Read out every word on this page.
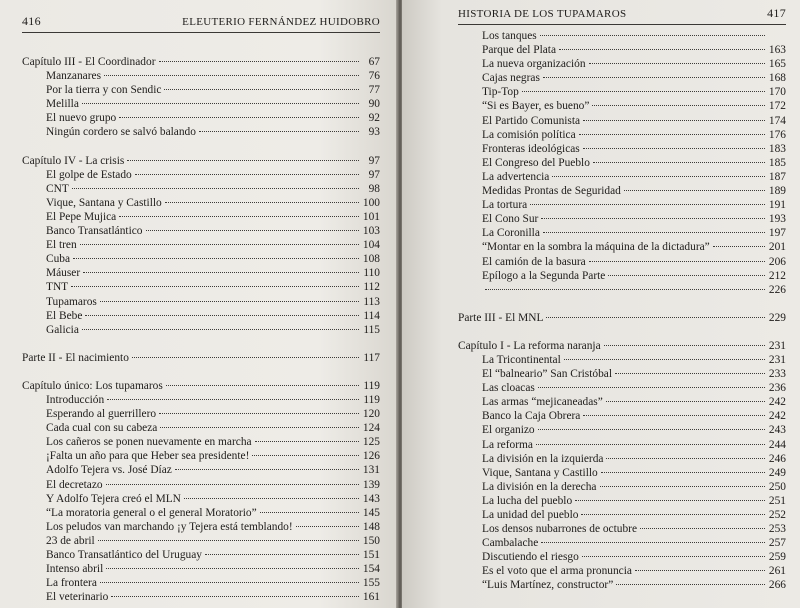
416	ELEUTERIO FERNÁNDEZ HUIDOBRO
Capítulo III - El Coordinador	67
Manzanares	76
Por la tierra y con Sendic	77
Melilla	90
El nuevo grupo	92
Ningún cordero se salvó balando	93
Capítulo IV - La crisis	97
El golpe de Estado	97
CNT	98
Vique, Santana y Castillo	100
El Pepe Mujica	101
Banco Transatlántico	103
El tren	104
Cuba	108
Máuser	110
TNT	112
Tupamaros	113
El Bebe	114
Galicia	115
Parte II - El nacimiento	117
Capítulo único: Los tupamaros	119
Introducción	119
Esperando al guerrillero	120
Cada cual con su cabeza	124
Los cañeros se ponen nuevamente en marcha	125
¡Falta un año para que Heber sea presidente!	126
Adolfo Tejera vs. José Díaz	131
El decretazo	139
Y Adolfo Tejera creó el MLN	143
“La moratoria general o el general Moratorio”	145
Los peludos van marchando ¡y Tejera está temblando!	148
23 de abril	150
Banco Transatlántico del Uruguay	151
Intenso abril	154
La frontera	155
El veterinario	161
HISTORIA DE LOS TUPAMAROS	417
Los tanques
Parque del Plata	163
La nueva organización	165
Cajas negras	168
Tip-Top	170
“Si es Bayer, es bueno”	172
El Partido Comunista	174
La comisión política	176
Fronteras ideológicas	183
El Congreso del Pueblo	185
La advertencia	187
Medidas Prontas de Seguridad	189
La tortura	191
El Cono Sur	193
La Coronilla	197
“Montar en la sombra la máquina de la dictadura”	201
El camión de la basura	206
Epílogo a la Segunda Parte	212
226
Parte III - El MNL	229
Capítulo I - La reforma naranja	231
La Tricontinental	231
El “balneario” San Cristóbal	233
Las cloacas	236
Las armas “mejicaneadas”	242
Banco la Caja Obrera	242
El organizo	243
La reforma	244
La división en la izquierda	246
Vique, Santana y Castillo	249
La división en la derecha	250
La lucha del pueblo	251
La unidad del pueblo	252
Los densos nubarrones de octubre	253
Cambalache	257
Discutiendo el riesgo	259
Es el voto que el arma pronuncia	261
“Luis Martínez, constructor”	266
